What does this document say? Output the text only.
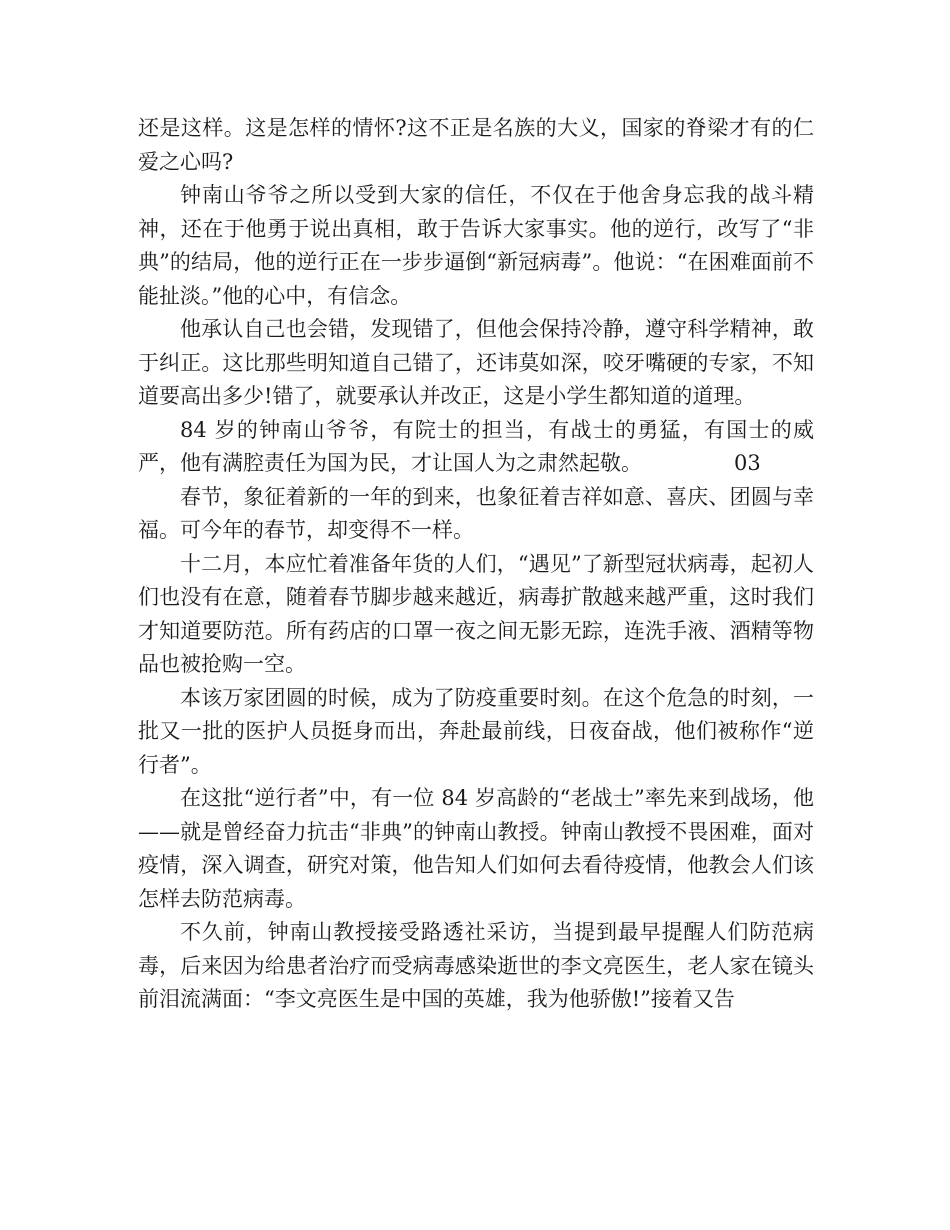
还是这样。这是怎样的情怀?这不正是名族的大义，国家的脊梁才有的仁爱之心吗?

钟南山爷爷之所以受到大家的信任，不仅在于他舍身忘我的战斗精神，还在于他勇于说出真相，敢于告诉大家事实。他的逆行，改写了“非典”的结局，他的逆行正在一步步逼倒“新冠病毒”。他说：“在困难面前不能扯淡。”他的心中，有信念。

他承认自己也会错，发现错了，但他会保持冷静，遵守科学精神，敢于纠正。这比那些明知道自己错了，还讳莫如深，咬牙嘴硬的专家，不知道要高出多少!错了，就要承认并改正，这是小学生都知道的道理。

84 岁的钟南山爷爷，有院士的担当，有战士的勇猛，有国士的威严，他有满腔责任为国为民，才让国人为之肃然起敬。	03

春节，象征着新的一年的到来，也象征着吉祥如意、喜庆、团圆与幸福。可今年的春节，却变得不一样。

十二月，本应忙着准备年货的人们，“遇见”了新型冠状病毒，起初人们也没有在意，随着春节脚步越来越近，病毒扩散越来越严重，这时我们才知道要防范。所有药店的口罩一夜之间无影无踪，连洗手液、酒精等物品也被抢购一空。

本该万家团圆的时候，成为了防疫重要时刻。在这个危急的时刻，一批又一批的医护人员挺身而出，奔赴最前线，日夜奋战，他们被称作“逆行者”。

在这批“逆行者”中，有一位 84 岁高龄的“老战士”率先来到战场，他——就是曾经奋力抗击“非典”的钟南山教授。钟南山教授不畏困难，面对疫情，深入调查，研究对策，他告知人们如何去看待疫情，他教会人们该怎样去防范病毒。

不久前，钟南山教授接受路透社采访，当提到最早提醒人们防范病毒，后来因为给患者治疗而受病毒感染逝世的李文亮医生，老人家在镜头前泪流满面：“李文亮医生是中国的英雄，我为他骄傲!”接着又告
